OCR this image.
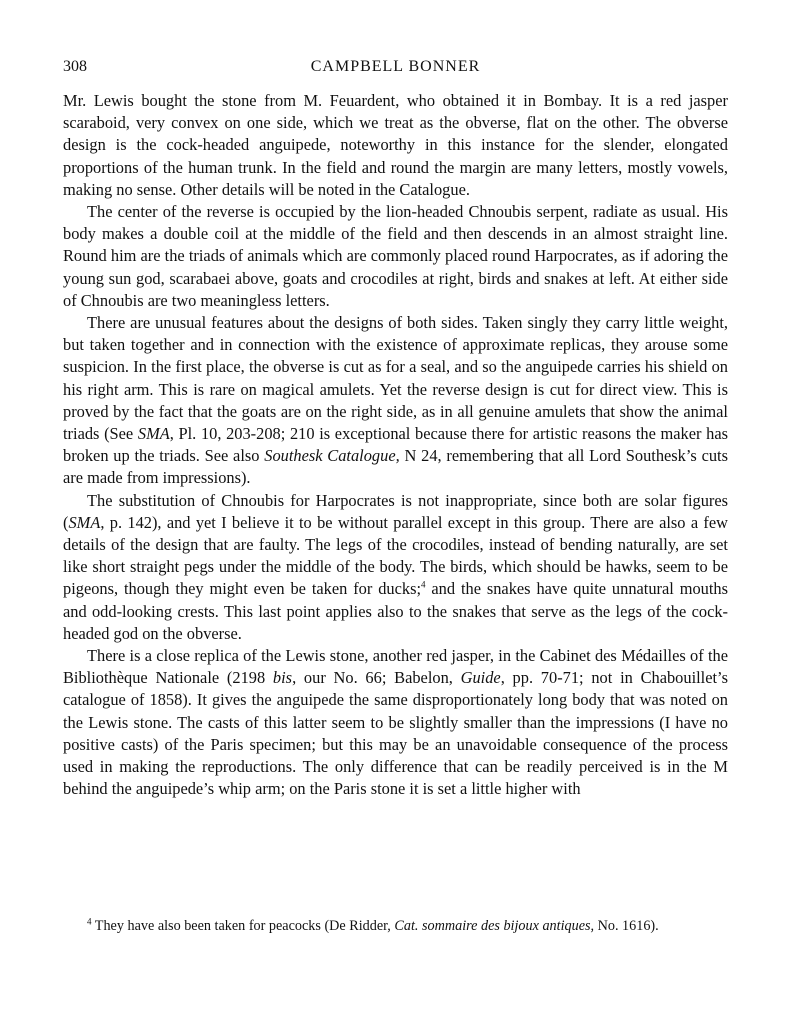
308	CAMPBELL BONNER

Mr. Lewis bought the stone from M. Feuardent, who obtained it in Bombay. It is a red jasper scaraboid, very convex on one side, which we treat as the obverse, flat on the other. The obverse design is the cock-headed anguipede, noteworthy in this instance for the slender, elongated proportions of the human trunk. In the field and round the margin are many letters, mostly vowels, making no sense. Other details will be noted in the Catalogue.

The center of the reverse is occupied by the lion-headed Chnoubis serpent, radiate as usual. His body makes a double coil at the middle of the field and then descends in an almost straight line. Round him are the triads of animals which are commonly placed round Harpocrates, as if adoring the young sun god, scarabaei above, goats and crocodiles at right, birds and snakes at left. At either side of Chnoubis are two meaningless letters.

There are unusual features about the designs of both sides. Taken singly they carry little weight, but taken together and in connection with the existence of approximate replicas, they arouse some suspicion. In the first place, the obverse is cut as for a seal, and so the anguipede carries his shield on his right arm. This is rare on magical amulets. Yet the reverse design is cut for direct view. This is proved by the fact that the goats are on the right side, as in all genuine amulets that show the animal triads (See SMA, Pl. 10, 203-208; 210 is exceptional because there for artistic reasons the maker has broken up the triads. See also Southesk Catalogue, N 24, remembering that all Lord Southesk’s cuts are made from impressions).

The substitution of Chnoubis for Harpocrates is not inappropriate, since both are solar figures (SMA, p. 142), and yet I believe it to be without parallel except in this group. There are also a few details of the design that are faulty. The legs of the crocodiles, instead of bending naturally, are set like short straight pegs under the middle of the body. The birds, which should be hawks, seem to be pigeons, though they might even be taken for ducks;$^4$ and the snakes have quite unnatural mouths and odd-looking crests. This last point applies also to the snakes that serve as the legs of the cock-headed god on the obverse.

There is a close replica of the Lewis stone, another red jasper, in the Cabinet des Médailles of the Bibliothèque Nationale (2198 bis, our No. 66; Babelon, Guide, pp. 70-71; not in Chabouillet’s catalogue of 1858). It gives the anguipede the same disproportionately long body that was noted on the Lewis stone. The casts of this latter seem to be slightly smaller than the impressions (I have no positive casts) of the Paris specimen; but this may be an unavoidable consequence of the process used in making the reproductions. The only difference that can be readily perceived is in the M behind the anguipede’s whip arm; on the Paris stone it is set a little higher with

$^4$ They have also been taken for peacocks (De Ridder, Cat. sommaire des bijoux antiques, No. 1616).
